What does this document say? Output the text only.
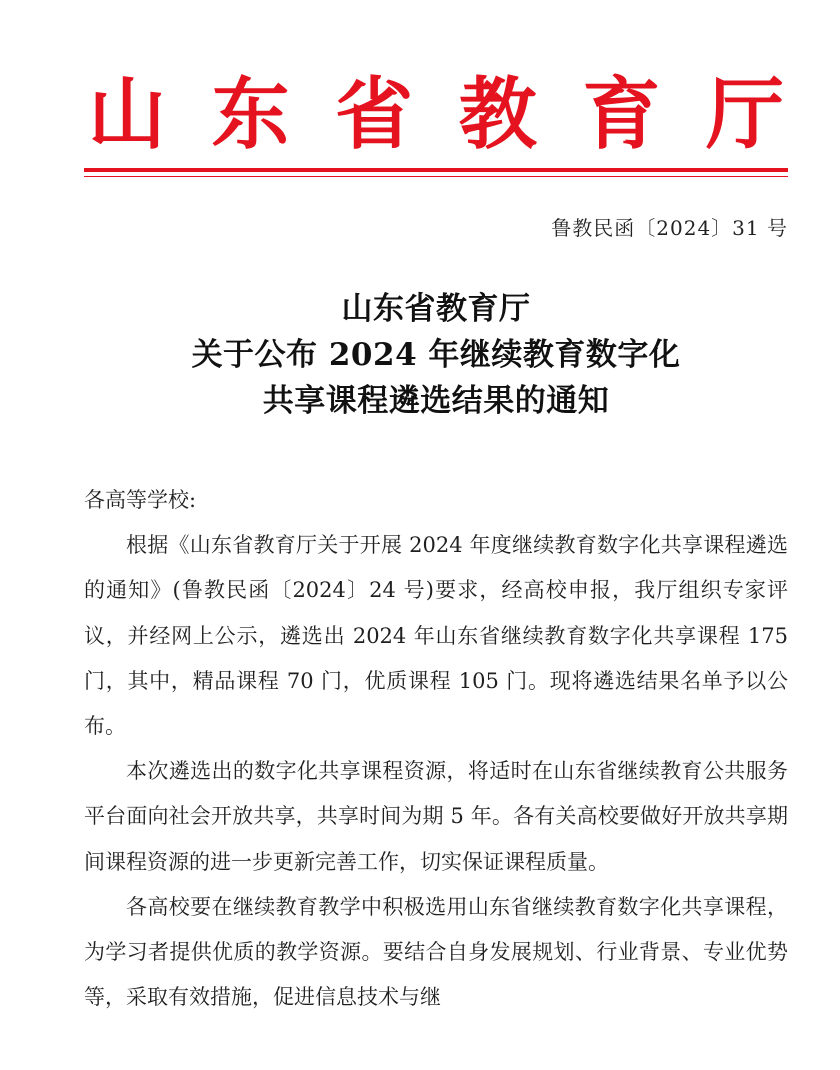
山 东 省 教 育 厅
鲁教民函〔2024〕31 号
山东省教育厅
关于公布 2024 年继续教育数字化
共享课程遴选结果的通知

各高等学校:

根据《山东省教育厅关于开展 2024 年度继续教育数字化共享课程遴选的通知》(鲁教民函〔2024〕24 号)要求，经高校申报，我厅组织专家评议，并经网上公示，遴选出 2024 年山东省继续教育数字化共享课程 175 门，其中，精品课程 70 门，优质课程 105 门。现将遴选结果名单予以公布。

本次遴选出的数字化共享课程资源，将适时在山东省继续教育公共服务平台面向社会开放共享，共享时间为期 5 年。各有关高校要做好开放共享期间课程资源的进一步更新完善工作，切实保证课程质量。

各高校要在继续教育教学中积极选用山东省继续教育数字化共享课程，为学习者提供优质的教学资源。要结合自身发展规划、行业背景、专业优势等，采取有效措施，促进信息技术与继
